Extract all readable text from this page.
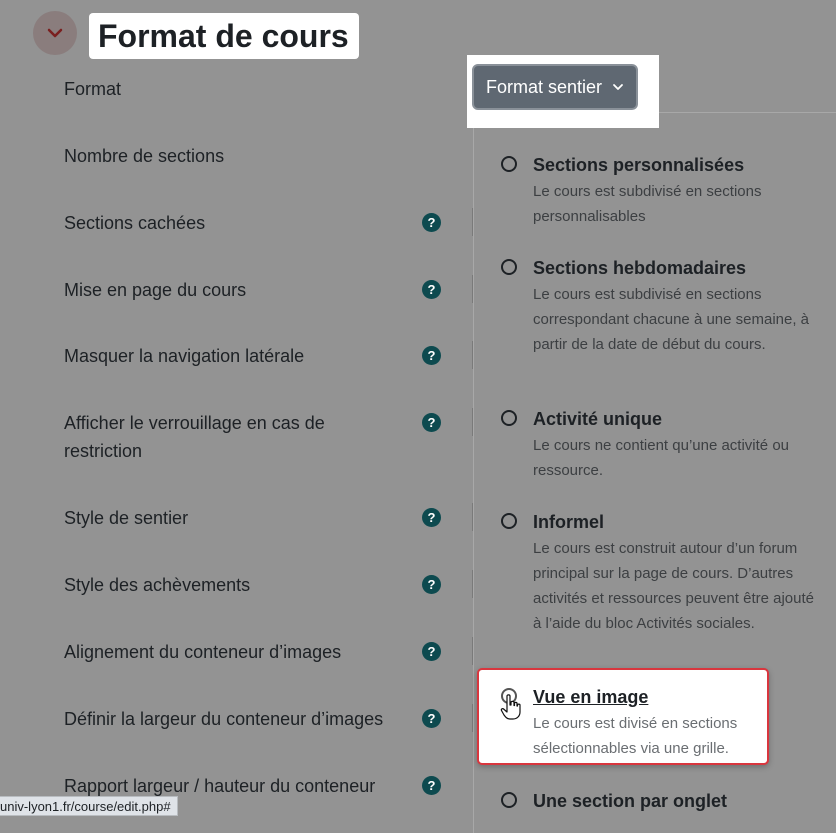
Format de cours
Format
Nombre de sections
Sections cachées
Mise en page du cours
Masquer la navigation latérale
Afficher le verrouillage en cas de restriction
Style de sentier
Style des achèvements
Alignement du conteneur d’images
Définir la largeur du conteneur d’images
Rapport largeur / hauteur du conteneur
?
?
?
?
?
?
?
?
?
Sections personnalisées
Le cours est subdivisé en sections personnalisables
Sections hebdomadaires
Le cours est subdivisé en sections correspondant chacune à une semaine, à partir de la date de début du cours.
Activité unique
Le cours ne contient qu’une activité ou ressource.
Informel
Le cours est construit autour d’un forum principal sur la page de cours. D’autres activités et ressources peuvent être ajouté à l’aide du bloc Activités sociales.
Une section par onglet
Vue en image
Le cours est divisé en sections sélectionnables via une grille.
Format sentier
univ-lyon1.fr/course/edit.php#
